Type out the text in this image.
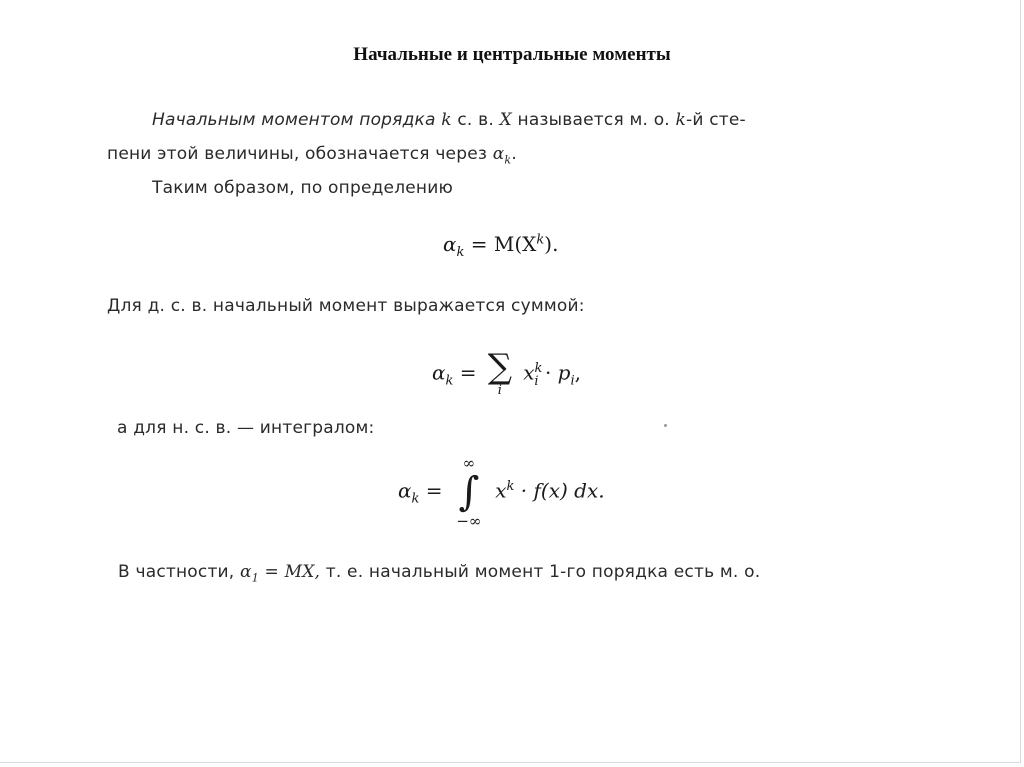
Начальные и центральные моменты
Начальным моментом порядка k с. в. X называется м. о. k-й сте-
пени этой величины, обозначается через $\alpha_k$.
Таким образом, по определению
$\alpha_k = M(X^k)$.
Для д. с. в. начальный момент выражается суммой:
$\alpha_k$ = ∑
i
$x^k_i \cdot p_i$,
а для н. с. в. — интегралом:
$\alpha_k$ =
∞
∫
−∞
$x^k \cdot f(x)$ dx.
В частности, $\alpha_1$ = MX, т. е. начальный момент 1-го порядка есть м. о.
